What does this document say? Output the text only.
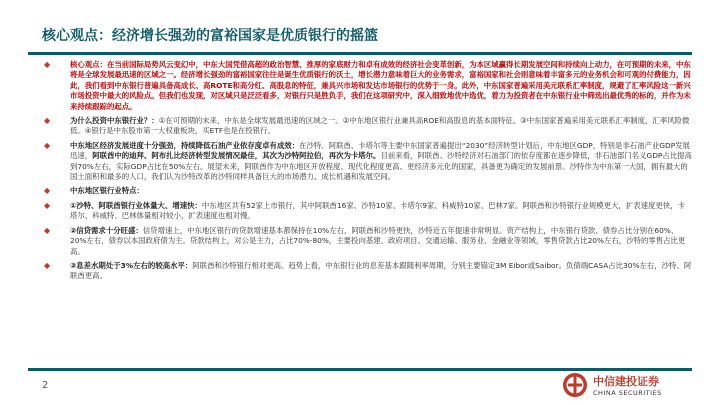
核心观点：经济增长强劲的富裕国家是优质银行的摇篮
◆	核心观点：在当前国际局势风云变幻中，中东大国凭借高超的政治智慧、推厚的家底财力和卓有成效的经济社会变革创新，为本区域赢得长期发展空间和持续向上动力，在可预期的未来，中东将是全球发展最迅速的区域之一。经济增长强劲的富裕国家往往是诞生优质银行的沃土，增长潜力意味着巨大的业务需求，富裕国家和社会则意味着丰富多元的业务机会和可观的付费能力，因此，我们看到中东银行普遍具备高成长、高ROTE和高分红、高股息的特征，兼具兴市场和发达市场银行的优势于一身。此外，中东国家普遍采用美元联系汇率制度，规避了汇率风险这一新兴市场投资中最大的风险点。但我们也发现，对区域只是泛泛看多，对银行只是胜负手，我们在这项研究中，深入细致地优中选优，着力为投资者在中东银行业中筛选出最优秀的标的，并作为未来持续跟踪的起点。
◆	为什么投资中东银行业？：①在可预期的未来，中东是全球发展最迅速的区域之一。②中东地区银行业兼具高ROE和高股息的基本面特征。③中东国家普遍采用美元联系汇率制度，汇率风险微低。④银行是中东股市第一大权重板块，买ETF也是在投银行。
◆	中东地区经济发展进度十分强劲，持续降低石油产业依存度卓有成效：在沙特、阿联酋、卡塔尔等主要中东国家普遍提出“2030”经济转型计划后，中东地区GDP，特别是非石油产业GDP发展迅速，阿联酋中的迪拜、阿布扎比经济转型发展情况最佳，其次为沙特阿拉伯，再次为卡塔尔。目前来看，阿联酋、沙特经济对石油部门的依存度都在逐步降低，非石油部门名义GDP占比提高到70%左右，实际GDP占比在50%左右。展望未来，阿联酋作为中东地区开放程度、现代化程度更高、更经济多元化的国家，具备更为确定的发展前景。沙特作为中东第一大国，拥有最大的国土面积和最多的人口，我们认为沙特改革的沙特同样具备巨大的市场潜力、成长机遇和发展空间。
◆	中东地区银行业特点：
◆	①沙特、阿联酋银行业体量大、增速快：中东地区共有52家上市银行，其中阿联酋16家、沙特10家、卡塔尔9家、科威特10家、巴林7家。阿联酋和沙特银行业规模更大，扩表速度更快，卡塔尔、科威特、巴林体量相对较小，扩表速度也相对慢。
◆	②信贷需求十分旺盛：信贷增速上，中东地区银行的贷款增速基本都保持在10%左右，阿联酋和沙特更快，沙特近五年提速非常明显。资产结构上，中东银行贷款、债券占比分别在60%、20%左右，债券以本国政府债为主。贷款结构上，对公是主力，占比70%-80%，主要投向基建、政府项目、交通运输、服务业、金融业等领域，零售贷款占比20%左右，沙特的零售占比更高。
◆	③息差水期处于3%左右的较高水平：阿联酋和沙特银行相对更高。趋势上看，中东银行业的息差基本跟随利率周期，分别主要锚定3M Eibor或Saibor。负债端CASA占比30%左右，沙特、阿联酋更高。
2	中信建投证券
CHINA SECURITIES
